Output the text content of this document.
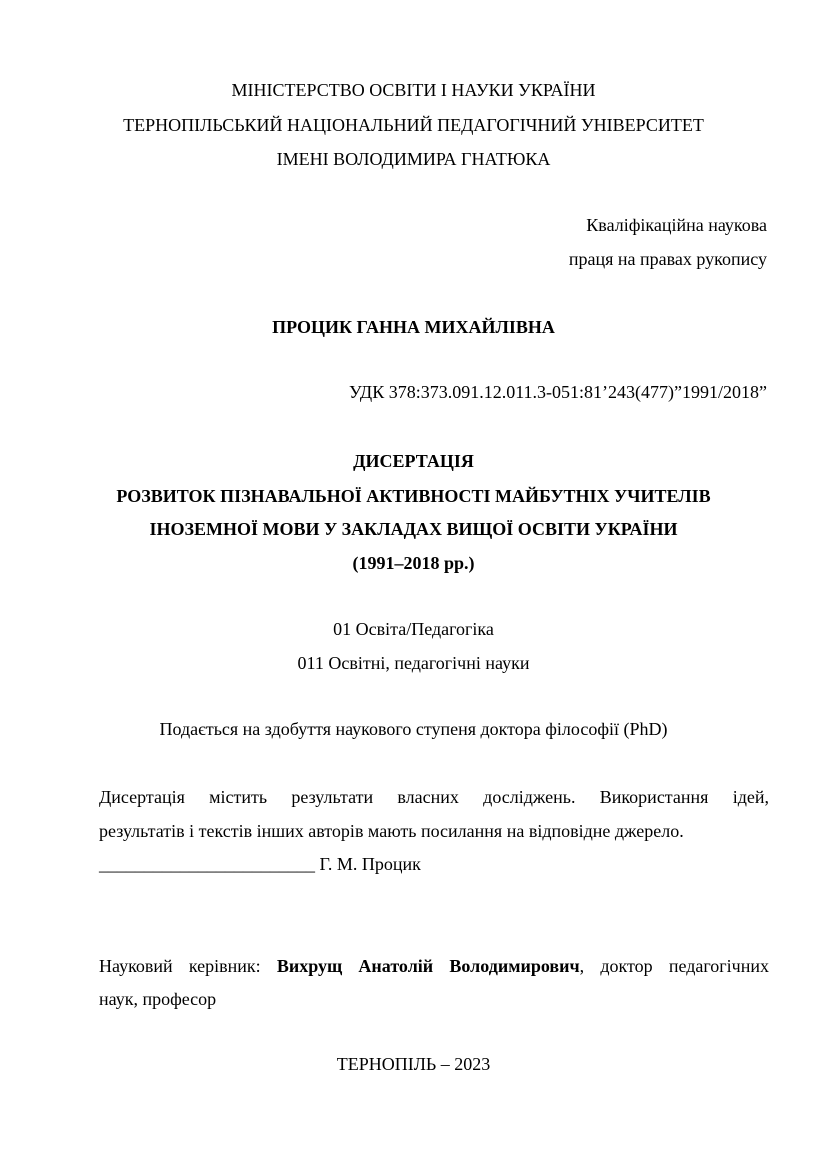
МІНІСТЕРСТВО ОСВІТИ І НАУКИ УКРАЇНИ
ТЕРНОПІЛЬСЬКИЙ НАЦІОНАЛЬНИЙ ПЕДАГОГІЧНИЙ УНІВЕРСИТЕТ
ІМЕНІ ВОЛОДИМИРА ГНАТЮКА
Кваліфікаційна наукова
праця на правах рукопису
ПРОЦИК ГАННА МИХАЙЛІВНА
УДК 378:373.091.12.011.3-051:81’243(477)”1991/2018”
ДИСЕРТАЦІЯ
РОЗВИТОК ПІЗНАВАЛЬНОЇ АКТИВНОСТІ МАЙБУТНІХ УЧИТЕЛІВ
ІНОЗЕМНОЇ МОВИ У ЗАКЛАДАХ ВИЩОЇ ОСВІТИ УКРАЇНИ
(1991–2018 рр.)
01 Освіта/Педагогіка
011 Освітні, педагогічні науки
Подається на здобуття наукового ступеня доктора філософії (PhD)
Дисертація містить результати власних досліджень. Використання ідей,
результатів і текстів інших авторів мають посилання на відповідне джерело.
________________________ Г. М. Процик
Науковий керівник: Вихрущ Анатолій Володимирович, доктор педагогічних
наук, професор
ТЕРНОПІЛЬ – 2023
